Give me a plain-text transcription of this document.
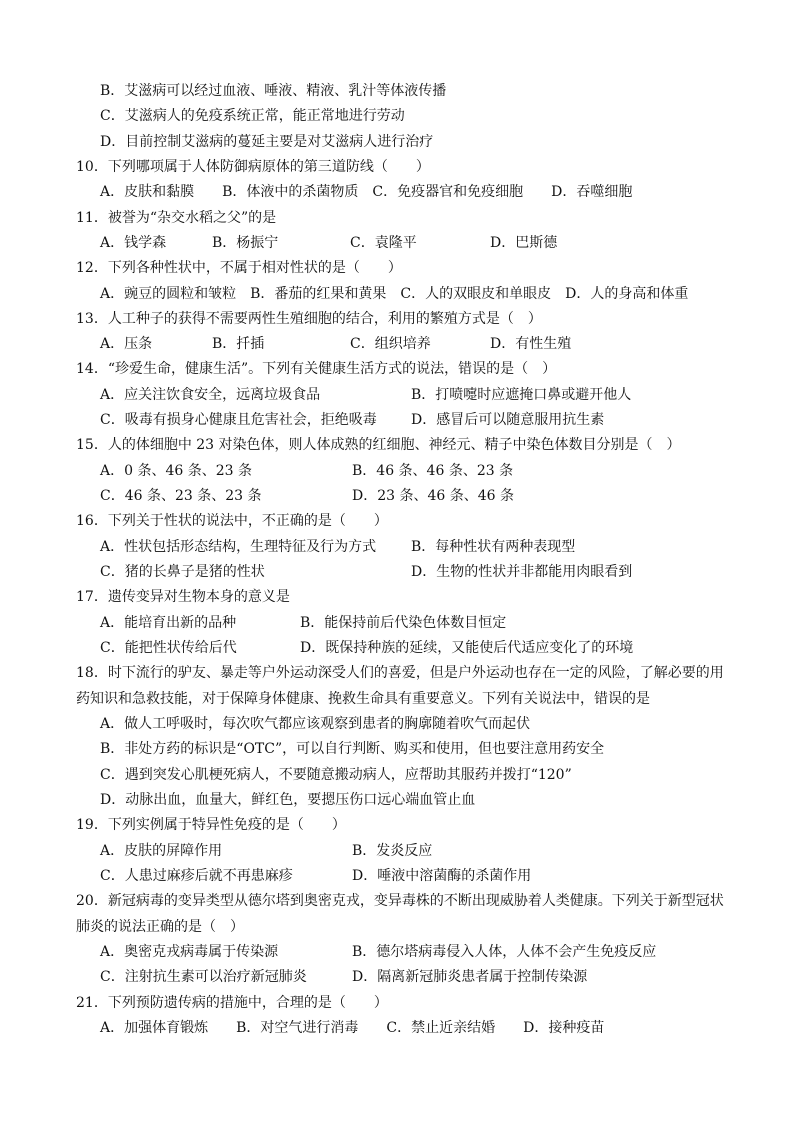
B．艾滋病可以经过血液、唾液、精液、乳汁等体液传播
C．艾滋病人的免疫系统正常，能正常地进行劳动
D．目前控制艾滋病的蔓延主要是对艾滋病人进行治疗
10．下列哪项属于人体防御病原体的第三道防线（　　）
A．皮肤和黏膜　　B．体液中的杀菌物质　C．免疫器官和免疫细胞　　D．吞噬细胞
11．被誉为“杂交水稻之父”的是
A．钱学森	B．杨振宁	C．袁隆平	D．巴斯德
12．下列各种性状中，不属于相对性状的是（　　）
A．豌豆的圆粒和皱粒　B．番茄的红果和黄果　C．人的双眼皮和单眼皮　D．人的身高和体重
13．人工种子的获得不需要两性生殖细胞的结合，利用的繁殖方式是（　）
A．压条	B．扦插	C．组织培养	D．有性生殖
14．“珍爱生命，健康生活”。下列有关健康生活方式的说法，错误的是（　）
A．应关注饮食安全，远离垃圾食品	B．打喷嚏时应遮掩口鼻或避开他人
C．吸毒有损身心健康且危害社会，拒绝吸毒 D．感冒后可以随意服用抗生素
15．人的体细胞中 23 对染色体，则人体成熟的红细胞、神经元、精子中染色体数目分别是（　）
A．0 条、46 条、23 条	B．46 条、46 条、23 条
C．46 条、23 条、23 条	D．23 条、46 条、46 条
16．下列关于性状的说法中，不正确的是（　　）
A．性状包括形态结构，生理特征及行为方式 B．每种性状有两种表现型
C．猪的长鼻子是猪的性状	D．生物的性状并非都能用肉眼看到
17．遗传变异对生物本身的意义是
A．能培育出新的品种	B．能保持前后代染色体数目恒定
C．能把性状传给后代	D．既保持种族的延续，又能使后代适应变化了的环境
18．时下流行的驴友、暴走等户外运动深受人们的喜爱，但是户外运动也存在一定的风险，了解必要的用
药知识和急救技能，对于保障身体健康、挽救生命具有重要意义。下列有关说法中，错误的是
A．做人工呼吸时，每次吹气都应该观察到患者的胸廓随着吹气而起伏
B．非处方药的标识是“OTC”，可以自行判断、购买和使用，但也要注意用药安全
C．遇到突发心肌梗死病人，不要随意搬动病人，应帮助其服药并拨打“120”
D．动脉出血，血量大，鲜红色，要摁压伤口远心端血管止血
19．下列实例属于特异性免疫的是（　　）
A．皮肤的屏障作用	B．发炎反应
C．人患过麻疹后就不再患麻疹	D．唾液中溶菌酶的杀菌作用
20．新冠病毒的变异类型从德尔塔到奥密克戎，变异毒株的不断出现威胁着人类健康。下列关于新型冠状
肺炎的说法正确的是（　）
A．奥密克戎病毒属于传染源	B．德尔塔病毒侵入人体，人体不会产生免疫反应
C．注射抗生素可以治疗新冠肺炎	D．隔离新冠肺炎患者属于控制传染源
21．下列预防遗传病的措施中，合理的是（　　）
A．加强体育锻炼　　B．对空气进行消毒　　C．禁止近亲结婚　　D．接种疫苗
